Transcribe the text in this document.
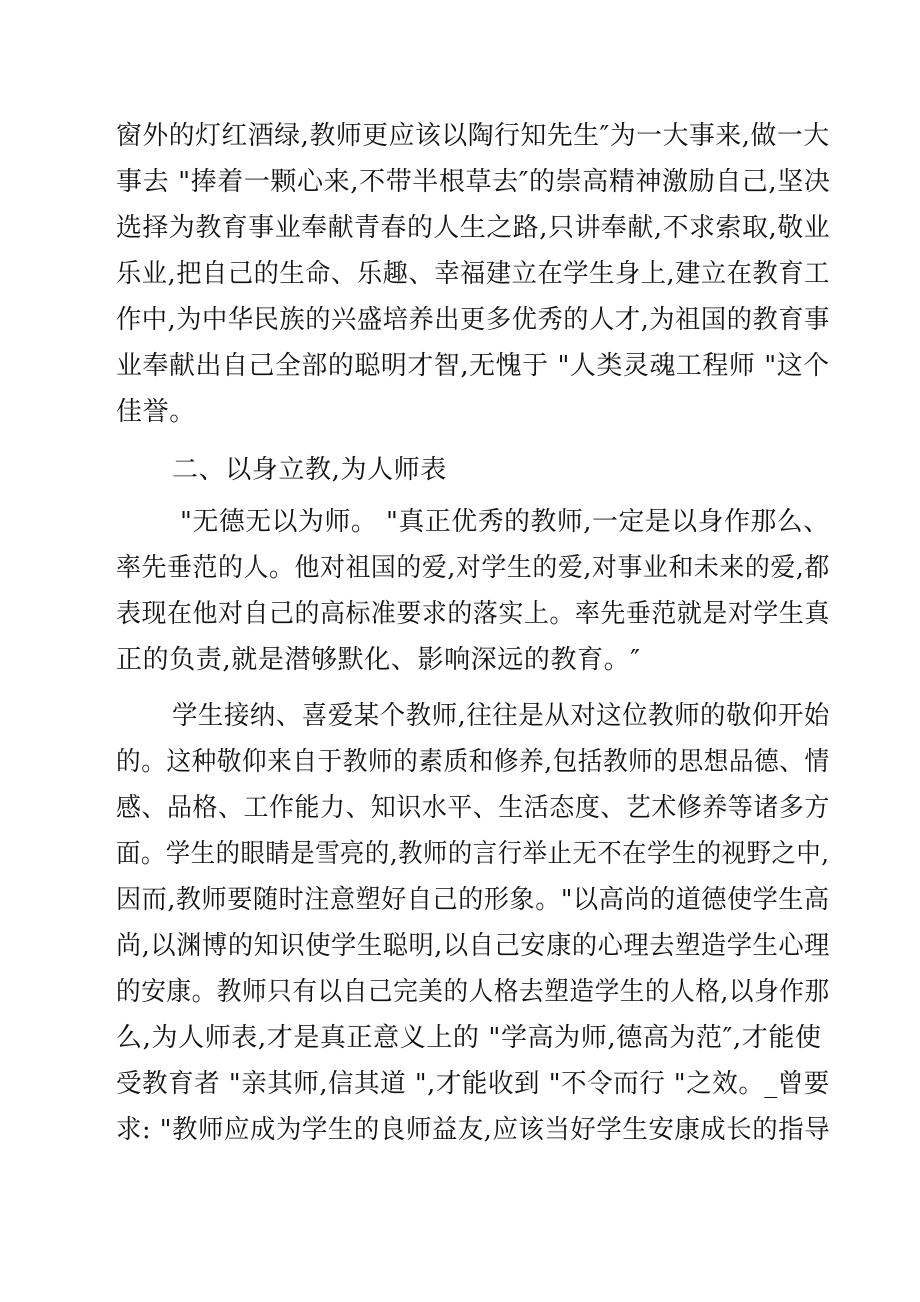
窗外的灯红酒绿,教师更应该以陶行知先生″为一大事来,做一大
事去 "捧着一颗心来,不带半根草去″的崇高精神激励自己,坚决
选择为教育事业奉献青春的人生之路,只讲奉献,不求索取,敬业
乐业,把自己的生命、乐趣、幸福建立在学生身上,建立在教育工
作中,为中华民族的兴盛培养出更多优秀的人才,为祖国的教育事
业奉献出自己全部的聪明才智,无愧于 "人类灵魂工程师 "这个
佳誉。
二、以身立教,为人师表
"无德无以为师。 "真正优秀的教师,一定是以身作那么、
率先垂范的人。他对祖国的爱,对学生的爱,对事业和未来的爱,都
表现在他对自己的高标准要求的落实上。率先垂范就是对学生真
正的负责,就是潜够默化、影响深远的教育。″
学生接纳、喜爱某个教师,往往是从对这位教师的敬仰开始
的。这种敬仰来自于教师的素质和修养,包括教师的思想品德、情
感、品格、工作能力、知识水平、生活态度、艺术修养等诸多方
面。学生的眼睛是雪亮的,教师的言行举止无不在学生的视野之中,
因而,教师要随时注意塑好自己的形象。"以高尚的道德使学生高
尚,以渊博的知识使学生聪明,以自己安康的心理去塑造学生心理
的安康。教师只有以自己完美的人格去塑造学生的人格,以身作那
么,为人师表,才是真正意义上的 "学高为师,德高为范″,才能使
受教育者 "亲其师,信其道 ",才能收到 "不令而行 "之效。_曾要
求: "教师应成为学生的良师益友,应该当好学生安康成长的指导
